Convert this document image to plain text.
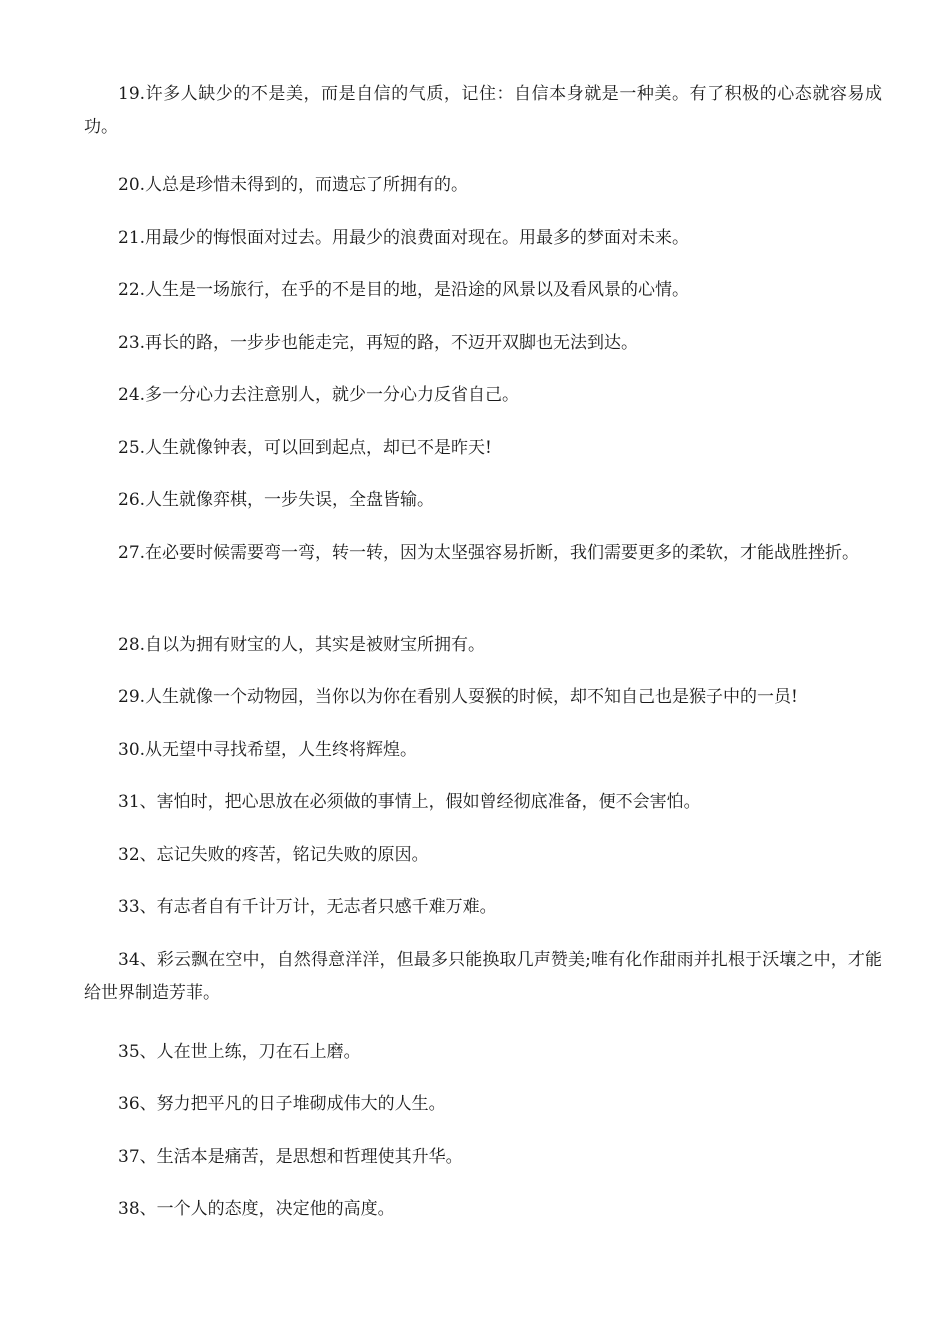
19.许多人缺少的不是美，而是自信的气质，记住：自信本身就是一种美。有了积极的心态就容易成功。

20.人总是珍惜未得到的，而遗忘了所拥有的。

21.用最少的悔恨面对过去。用最少的浪费面对现在。用最多的梦面对未来。

22.人生是一场旅行，在乎的不是目的地，是沿途的风景以及看风景的心情。

23.再长的路，一步步也能走完，再短的路，不迈开双脚也无法到达。

24.多一分心力去注意别人，就少一分心力反省自己。

25.人生就像钟表，可以回到起点，却已不是昨天!

26.人生就像弈棋，一步失误，全盘皆输。

27.在必要时候需要弯一弯，转一转，因为太坚强容易折断，我们需要更多的柔软，才能战胜挫折。

28.自以为拥有财宝的人，其实是被财宝所拥有。

29.人生就像一个动物园，当你以为你在看别人耍猴的时候，却不知自己也是猴子中的一员!

30.从无望中寻找希望，人生终将辉煌。

31、害怕时，把心思放在必须做的事情上，假如曾经彻底准备，便不会害怕。

32、忘记失败的疼苦，铭记失败的原因。

33、有志者自有千计万计，无志者只感千难万难。

34、彩云飘在空中，自然得意洋洋，但最多只能换取几声赞美;唯有化作甜雨并扎根于沃壤之中，才能给世界制造芳菲。

35、人在世上练，刀在石上磨。

36、努力把平凡的日子堆砌成伟大的人生。

37、生活本是痛苦，是思想和哲理使其升华。

38、一个人的态度，决定他的高度。
